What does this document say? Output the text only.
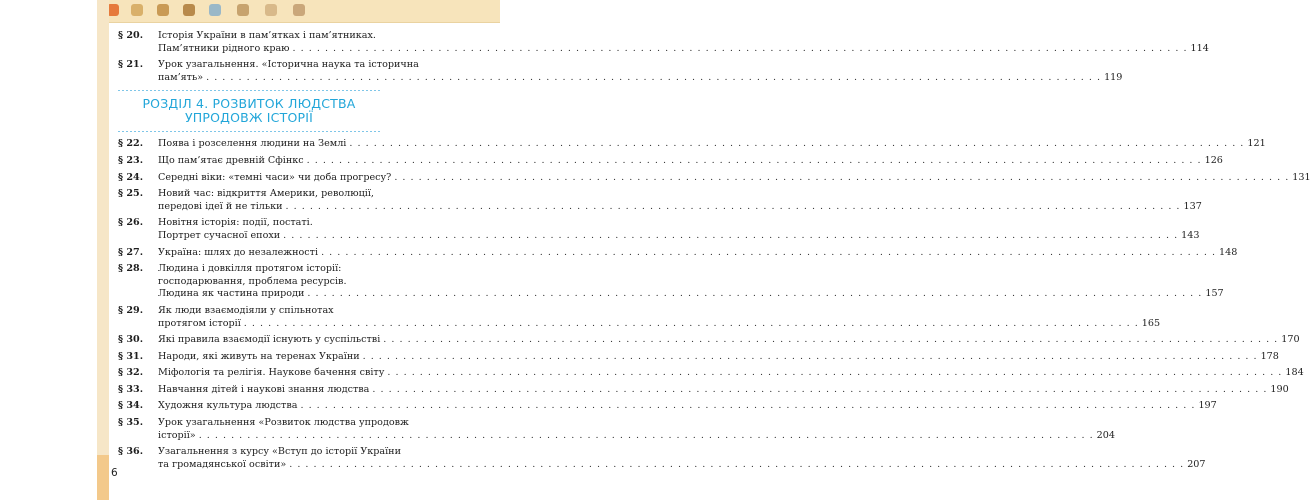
§ 20.	Історія України в пам’ятках і пам’ятниках.
Пам’ятники рідного краю . . .	114
§ 21.	Урок узагальнення. «Історична наука та історична
пам’ять» . . .	119
РОЗДІЛ 4. РОЗВИТОК ЛЮДСТВА
УПРОДОВЖ ІСТОРІЇ
§ 22.	Поява і розселення людини на Землі . . .	121
§ 23.	Що пам’ятає древній Сфінкс . . .	126
§ 24.	Середні віки: «темні часи» чи доба прогресу? . . .	131
§ 25.	Новий час: відкриття Америки, революції,
передові ідеї й не тільки . . .	137
§ 26.	Новітня історія: події, постаті.
Портрет сучасної епохи . . .	143
§ 27.	Україна: шлях до незалежності . . .	148
§ 28.	Людина і довкілля протягом історії:
господарювання, проблема ресурсів.
Людина як частина природи . . .	157
§ 29.	Як люди взаємодіяли у спільнотах
протягом історії . . .	165
§ 30.	Які правила взаємодії існують у суспільстві . . .	170
§ 31.	Народи, які живуть на теренах України . . .	178
§ 32.	Міфологія та релігія. Наукове бачення світу . . .	184
§ 33.	Навчання дітей і наукові знання людства . . .	190
§ 34.	Художня культура людства . . .	197
§ 35.	Урок узагальнення «Розвиток людства упродовж
історії» . . .	204
§ 36.	Узагальнення з курсу «Вступ до історії України
та громадянської освіти» . . .	207
6
